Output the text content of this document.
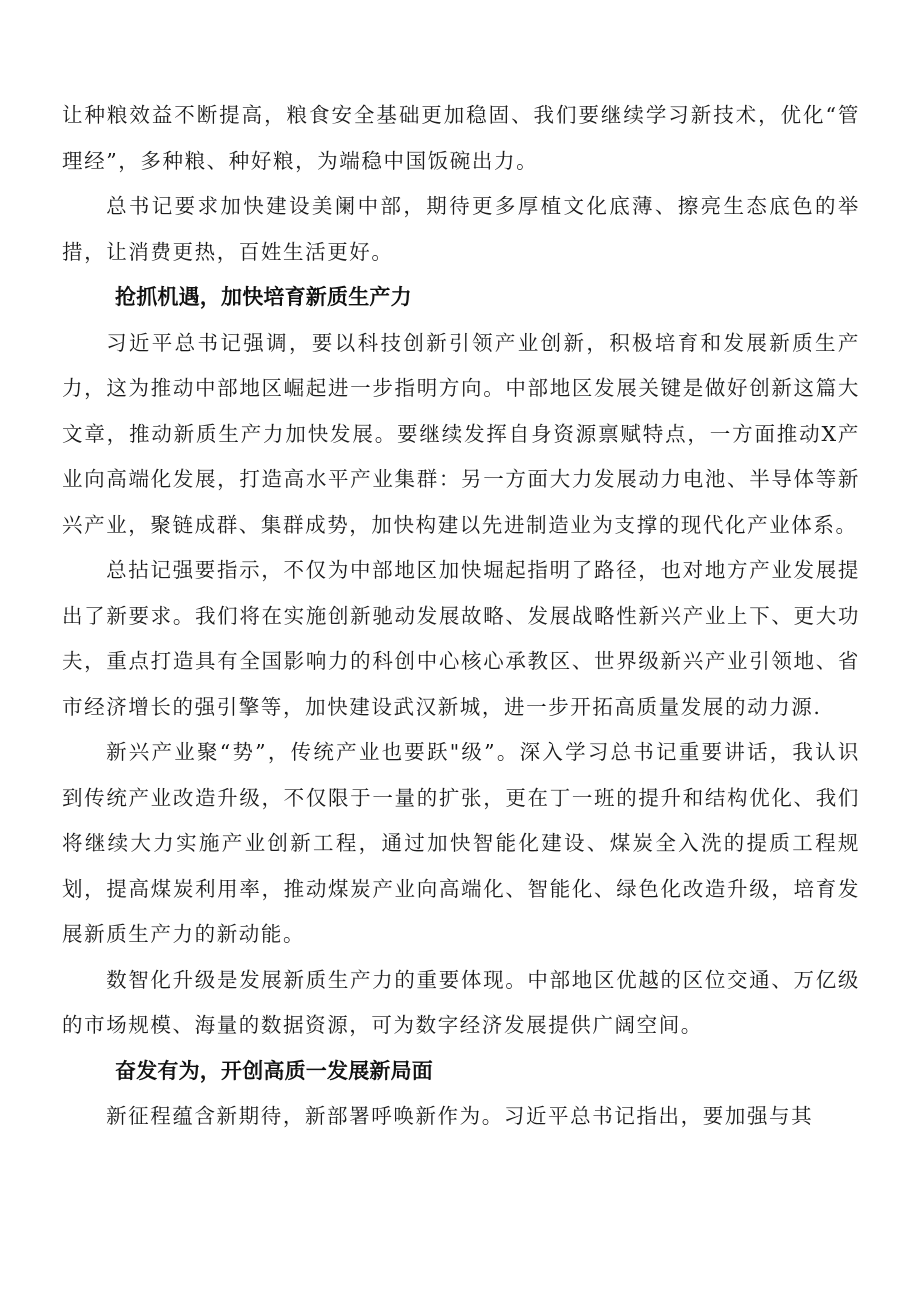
让种粮效益不断提高，粮食安全基础更加稳固、我们要继续学习新技术，优化“管理经”，多种粮、种好粮，为端稳中国饭碗出力。

总书记要求加快建设美阑中部，期待更多厚植文化底薄、擦亮生态底色的举措，让消费更热，百姓生活更好。

抢抓机遇，加快培育新质生产力

习近平总书记强调，要以科技创新引领产业创新，积极培育和发展新质生产力，这为推动中部地区崛起进一步指明方向。中部地区发展关键是做好创新这篇大文章，推动新质生产力加快发展。要继续发挥自身资源禀赋特点，一方面推动X产业向高端化发展，打造高水平产业集群：另一方面大力发展动力电池、半导体等新兴产业，聚链成群、集群成势，加快构建以先进制造业为支撑的现代化产业体系。

总拈记强要指示，不仅为中部地区加快堀起指明了路径，也对地方产业发展提出了新要求。我们将在实施创新驰动发展故略、发展战略性新兴产业上下、更大功夫，重点打造具有全国影响力的科创中心核心承教区、世界级新兴产业引领地、省市经济增长的强引擎等，加快建设武汉新城，进一步开拓高质量发展的动力源.

新兴产业聚“势”，传统产业也要跃"级”。深入学习总书记重要讲话，我认识到传统产业改造升级，不仅限于一量的扩张，更在丁一班的提升和结构优化、我们将继续大力实施产业创新工程，通过加快智能化建设、煤炭全入洗的提质工程规划，提高煤炭利用率，推动煤炭产业向高端化、智能化、绿色化改造升级，培育发展新质生产力的新动能。

数智化升级是发展新质生产力的重要体现。中部地区优越的区位交通、万亿级的市场规模、海量的数据资源，可为数字经济发展提供广阔空间。

奋发有为，开创高质一发展新局面

新征程蕴含新期待，新部署呼唤新作为。习近平总书记指出，要加强与其
